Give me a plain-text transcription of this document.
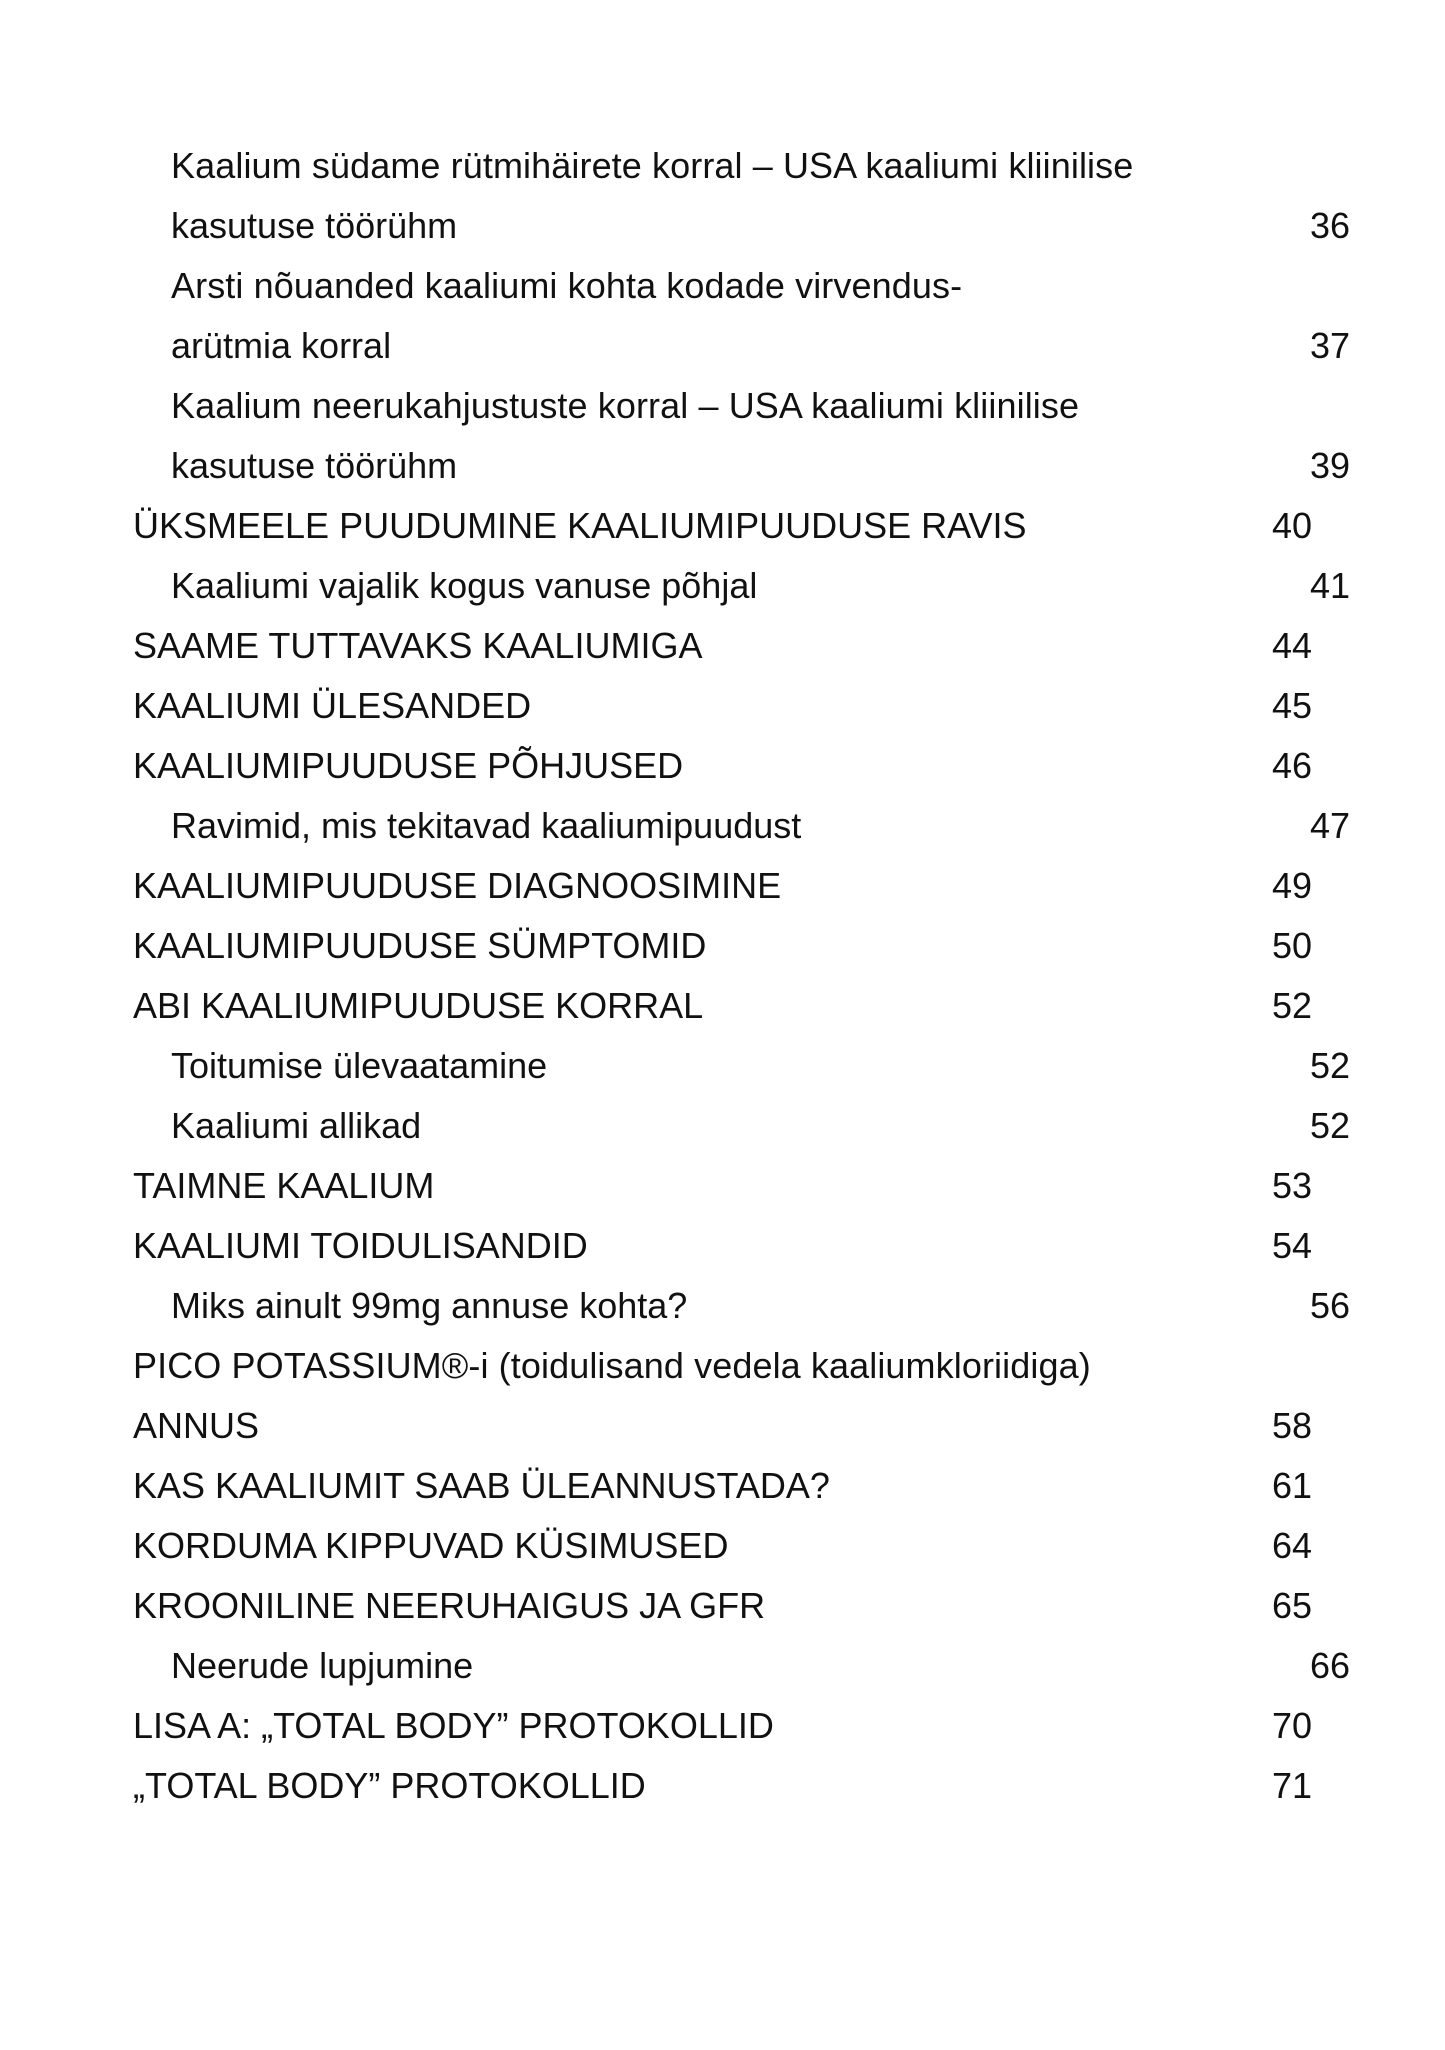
Kaalium südame rütmihäirete korral – USA kaaliumi kliinilise
kasutuse töörühm .....	36
Arsti nõuanded kaaliumi kohta kodade virvendus-
arütmia korral .....	37
Kaalium neerukahjustuste korral – USA kaaliumi kliinilise
kasutuse töörühm .....	39
ÜKSMEELE PUUDUMINE KAALIUMIPUUDUSE RAVIS .....	40
Kaaliumi vajalik kogus vanuse põhjal .....	41
SAAME TUTTAVAKS KAALIUMIGA .....	44
KAALIUMI ÜLESANDED .....	45
KAALIUMIPUUDUSE PÕHJUSED .....	46
Ravimid, mis tekitavad kaaliumipuudust .....	47
KAALIUMIPUUDUSE DIAGNOOSIMINE .....	49
KAALIUMIPUUDUSE SÜMPTOMID .....	50
ABI KAALIUMIPUUDUSE KORRAL .....	52
Toitumise ülevaatamine .....	52
Kaaliumi allikad .....	52
TAIMNE KAALIUM .....	53
KAALIUMI TOIDULISANDID .....	54
Miks ainult 99mg annuse kohta? .....	56
PICO POTASSIUM®-i (toidulisand vedela kaaliumkloriidiga)
ANNUS .....	58
KAS KAALIUMIT SAAB ÜLEANNUSTADA? .....	61
KORDUMA KIPPUVAD KÜSIMUSED .....	64
KROONILINE NEERUHAIGUS JA GFR .....	65
Neerude lupjumine .....	66
LISA A: „TOTAL BODY” PROTOKOLLID .....	70
„TOTAL BODY” PROTOKOLLID .....	71
